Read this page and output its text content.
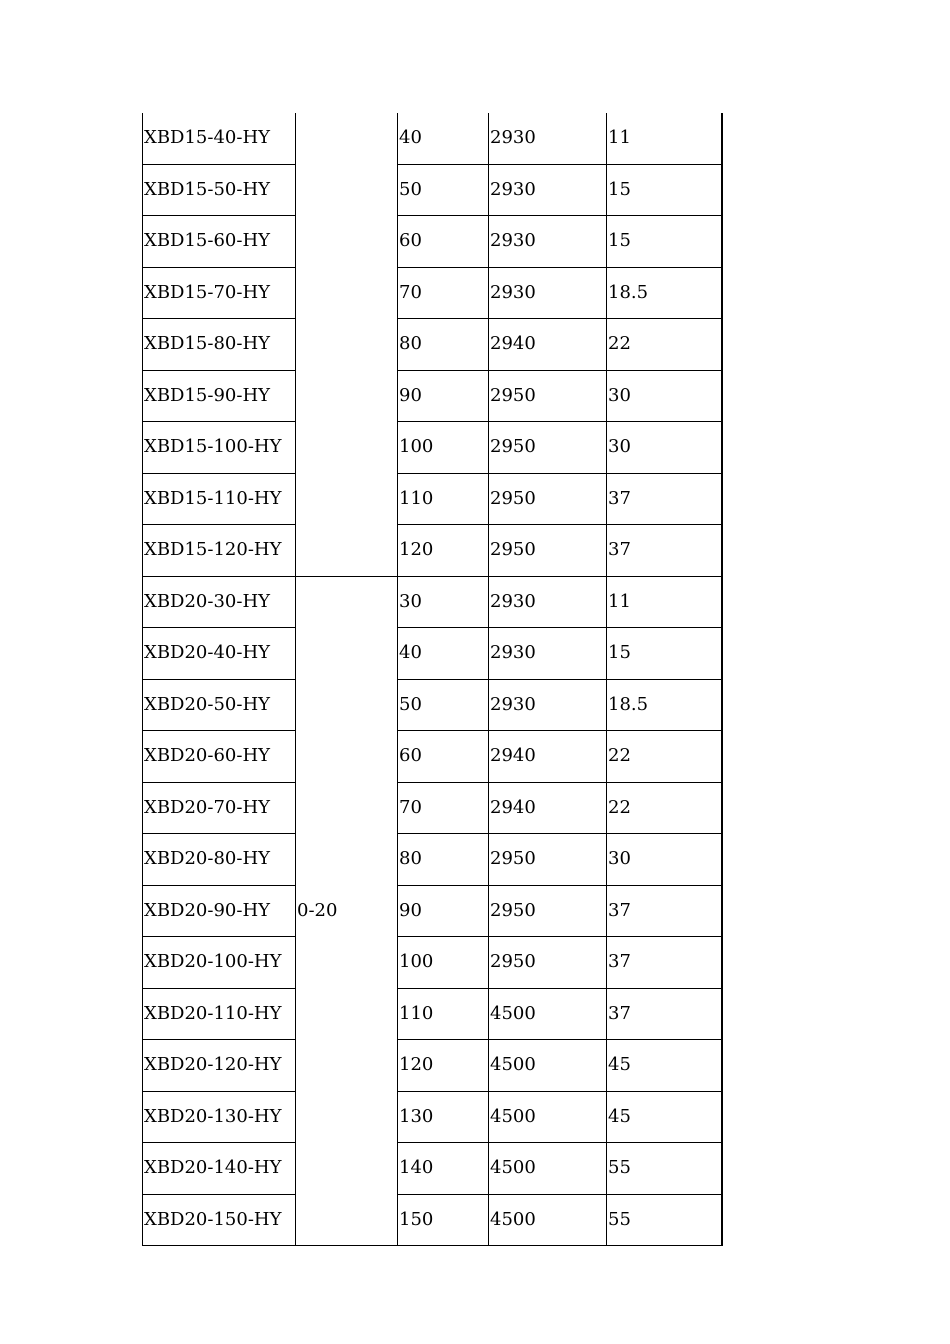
XBD15-40-HY		40	2930	11
XBD15-50-HY		50	2930	15
XBD15-60-HY		60	2930	15
XBD15-70-HY		70	2930	18.5
XBD15-80-HY		80	2940	22
XBD15-90-HY		90	2950	30
XBD15-100-HY		100	2950	30
XBD15-110-HY		110	2950	37
XBD15-120-HY		120	2950	37
XBD20-30-HY	0-20	30	2930	11
XBD20-40-HY		40	2930	15
XBD20-50-HY		50	2930	18.5
XBD20-60-HY		60	2940	22
XBD20-70-HY		70	2940	22
XBD20-80-HY		80	2950	30
XBD20-90-HY		90	2950	37
XBD20-100-HY		100	2950	37
XBD20-110-HY		110	4500	37
XBD20-120-HY		120	4500	45
XBD20-130-HY		130	4500	45
XBD20-140-HY		140	4500	55
XBD20-150-HY		150	4500	55
